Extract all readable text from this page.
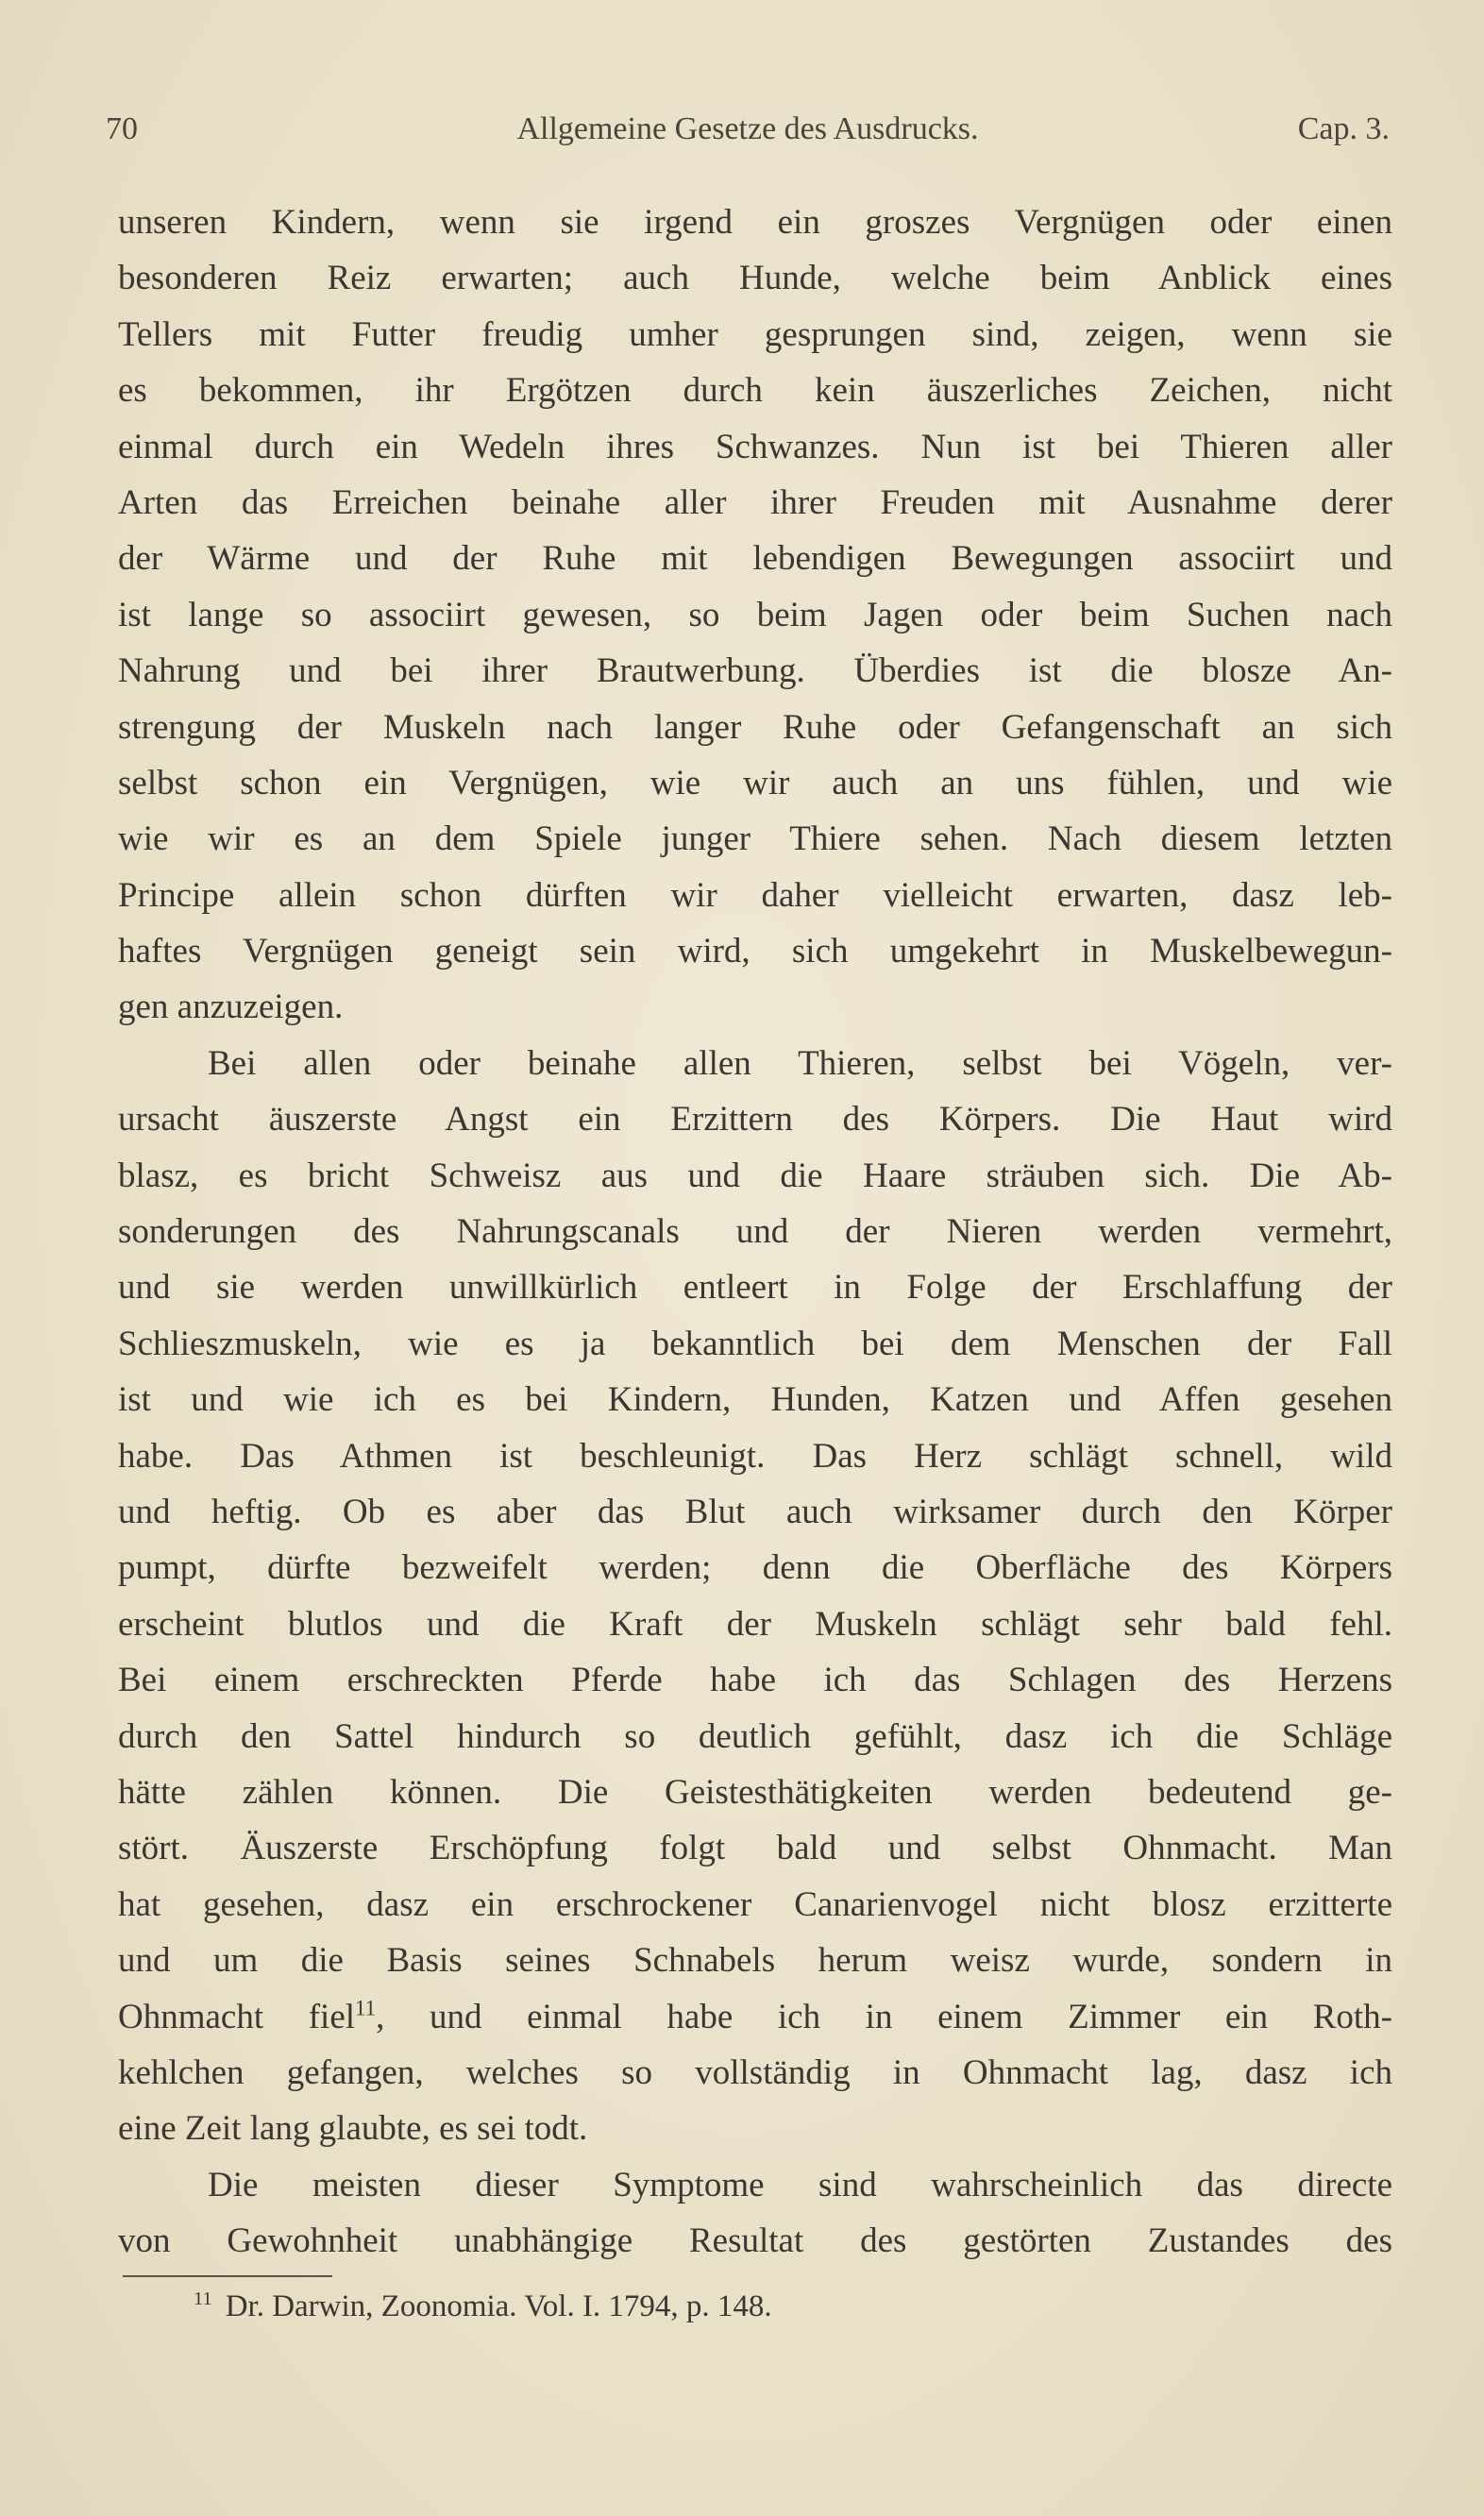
70	Allgemeine Gesetze des Ausdrucks.	Cap. 3.
unseren Kindern, wenn sie irgend ein groszes Vergnügen oder einen
besonderen Reiz erwarten; auch Hunde, welche beim Anblick eines
Tellers mit Futter freudig umher gesprungen sind, zeigen, wenn sie
es bekommen, ihr Ergötzen durch kein äuszerliches Zeichen, nicht
einmal durch ein Wedeln ihres Schwanzes. Nun ist bei Thieren aller
Arten das Erreichen beinahe aller ihrer Freuden mit Ausnahme derer
der Wärme und der Ruhe mit lebendigen Bewegungen associirt und
ist lange so associirt gewesen, so beim Jagen oder beim Suchen nach
Nahrung und bei ihrer Brautwerbung. Überdies ist die blosze An-
strengung der Muskeln nach langer Ruhe oder Gefangenschaft an sich
selbst schon ein Vergnügen, wie wir auch an uns fühlen, und wie
wie wir es an dem Spiele junger Thiere sehen. Nach diesem letzten
Principe allein schon dürften wir daher vielleicht erwarten, dasz leb-
haftes Vergnügen geneigt sein wird, sich umgekehrt in Muskelbewegun-
gen anzuzeigen.
Bei allen oder beinahe allen Thieren, selbst bei Vögeln, ver-
ursacht äuszerste Angst ein Erzittern des Körpers. Die Haut wird
blasz, es bricht Schweisz aus und die Haare sträuben sich. Die Ab-
sonderungen des Nahrungscanals und der Nieren werden vermehrt,
und sie werden unwillkürlich entleert in Folge der Erschlaffung der
Schlieszmuskeln, wie es ja bekanntlich bei dem Menschen der Fall
ist und wie ich es bei Kindern, Hunden, Katzen und Affen gesehen
habe. Das Athmen ist beschleunigt. Das Herz schlägt schnell, wild
und heftig. Ob es aber das Blut auch wirksamer durch den Körper
pumpt, dürfte bezweifelt werden; denn die Oberfläche des Körpers
erscheint blutlos und die Kraft der Muskeln schlägt sehr bald fehl.
Bei einem erschreckten Pferde habe ich das Schlagen des Herzens
durch den Sattel hindurch so deutlich gefühlt, dasz ich die Schläge
hätte zählen können. Die Geistesthätigkeiten werden bedeutend ge-
stört. Äuszerste Erschöpfung folgt bald und selbst Ohnmacht. Man
hat gesehen, dasz ein erschrockener Canarienvogel nicht blosz erzitterte
und um die Basis seines Schnabels herum weisz wurde, sondern in
Ohnmacht fiel$^{11}$, und einmal habe ich in einem Zimmer ein Roth-
kehlchen gefangen, welches so vollständig in Ohnmacht lag, dasz ich
eine Zeit lang glaubte, es sei todt.
Die meisten dieser Symptome sind wahrscheinlich das directe
von Gewohnheit unabhängige Resultat des gestörten Zustandes des
$^{11}$ Dr. Darwin, Zoonomia. Vol. I. 1794, p. 148.
